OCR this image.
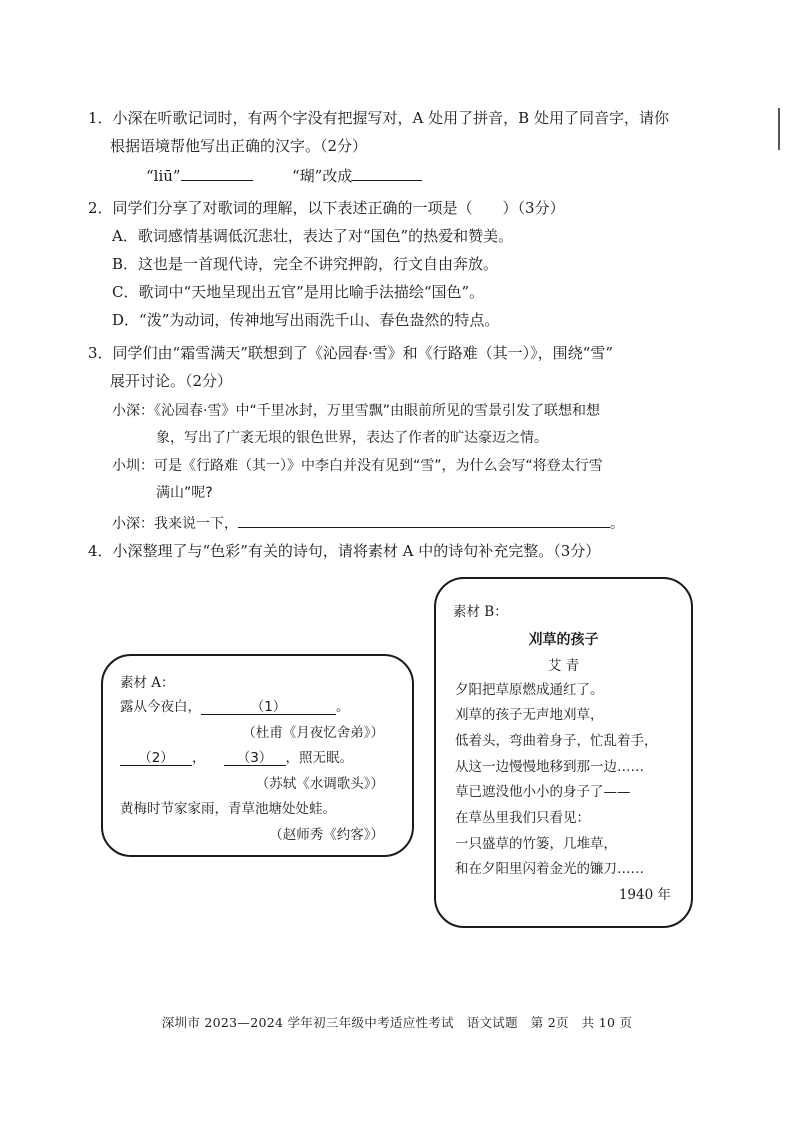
1．小深在听歌记词时，有两个字没有把握写对，A 处用了拼音，B 处用了同音字，请你
根据语境帮他写出正确的汉字。（2分）
“liū”	“瑚”改成
2．同学们分享了对歌词的理解，以下表述正确的一项是（　　）（3分）
A．歌词感情基调低沉悲壮，表达了对“国色”的热爱和赞美。
B．这也是一首现代诗，完全不讲究押韵，行文自由奔放。
C．歌词中“天地呈现出五官”是用比喻手法描绘“国色”。
D．“泼”为动词，传神地写出雨洗千山、春色盎然的特点。
3．同学们由“霜雪满天”联想到了《沁园春·雪》和《行路难（其一）》，围绕“雪”
展开讨论。（2分）
小深：《沁园春·雪》中“千里冰封，万里雪飘”由眼前所见的雪景引发了联想和想
象，写出了广袤无垠的银色世界，表达了作者的旷达豪迈之情。
小圳：可是《行路难（其一）》中李白并没有见到“雪”，为什么会写“将登太行雪
满山”呢?
小深：我来说一下，	。
4．小深整理了与“色彩”有关的诗句，请将素材 A 中的诗句补充完整。（3分）
素材 A：
露从今夜白，	（1）	。
（杜甫《月夜忆舍弟》）
（2） ， （3） ，照无眠。
（苏轼《水调歌头》）
黄梅时节家家雨，青草池塘处处蛙。
（赵师秀《约客》）
素材 B：
刈草的孩子
艾 青
夕阳把草原燃成通红了。
刈草的孩子无声地刈草，
低着头，弯曲着身子，忙乱着手，
从这一边慢慢地移到那一边……
草已遮没他小小的身子了——
在草丛里我们只看见：
一只盛草的竹篓，几堆草，
和在夕阳里闪着金光的镰刀……
1940 年
深圳市 2023—2024 学年初三年级中考适应性考试　语文试题　第 2页　共 10 页
